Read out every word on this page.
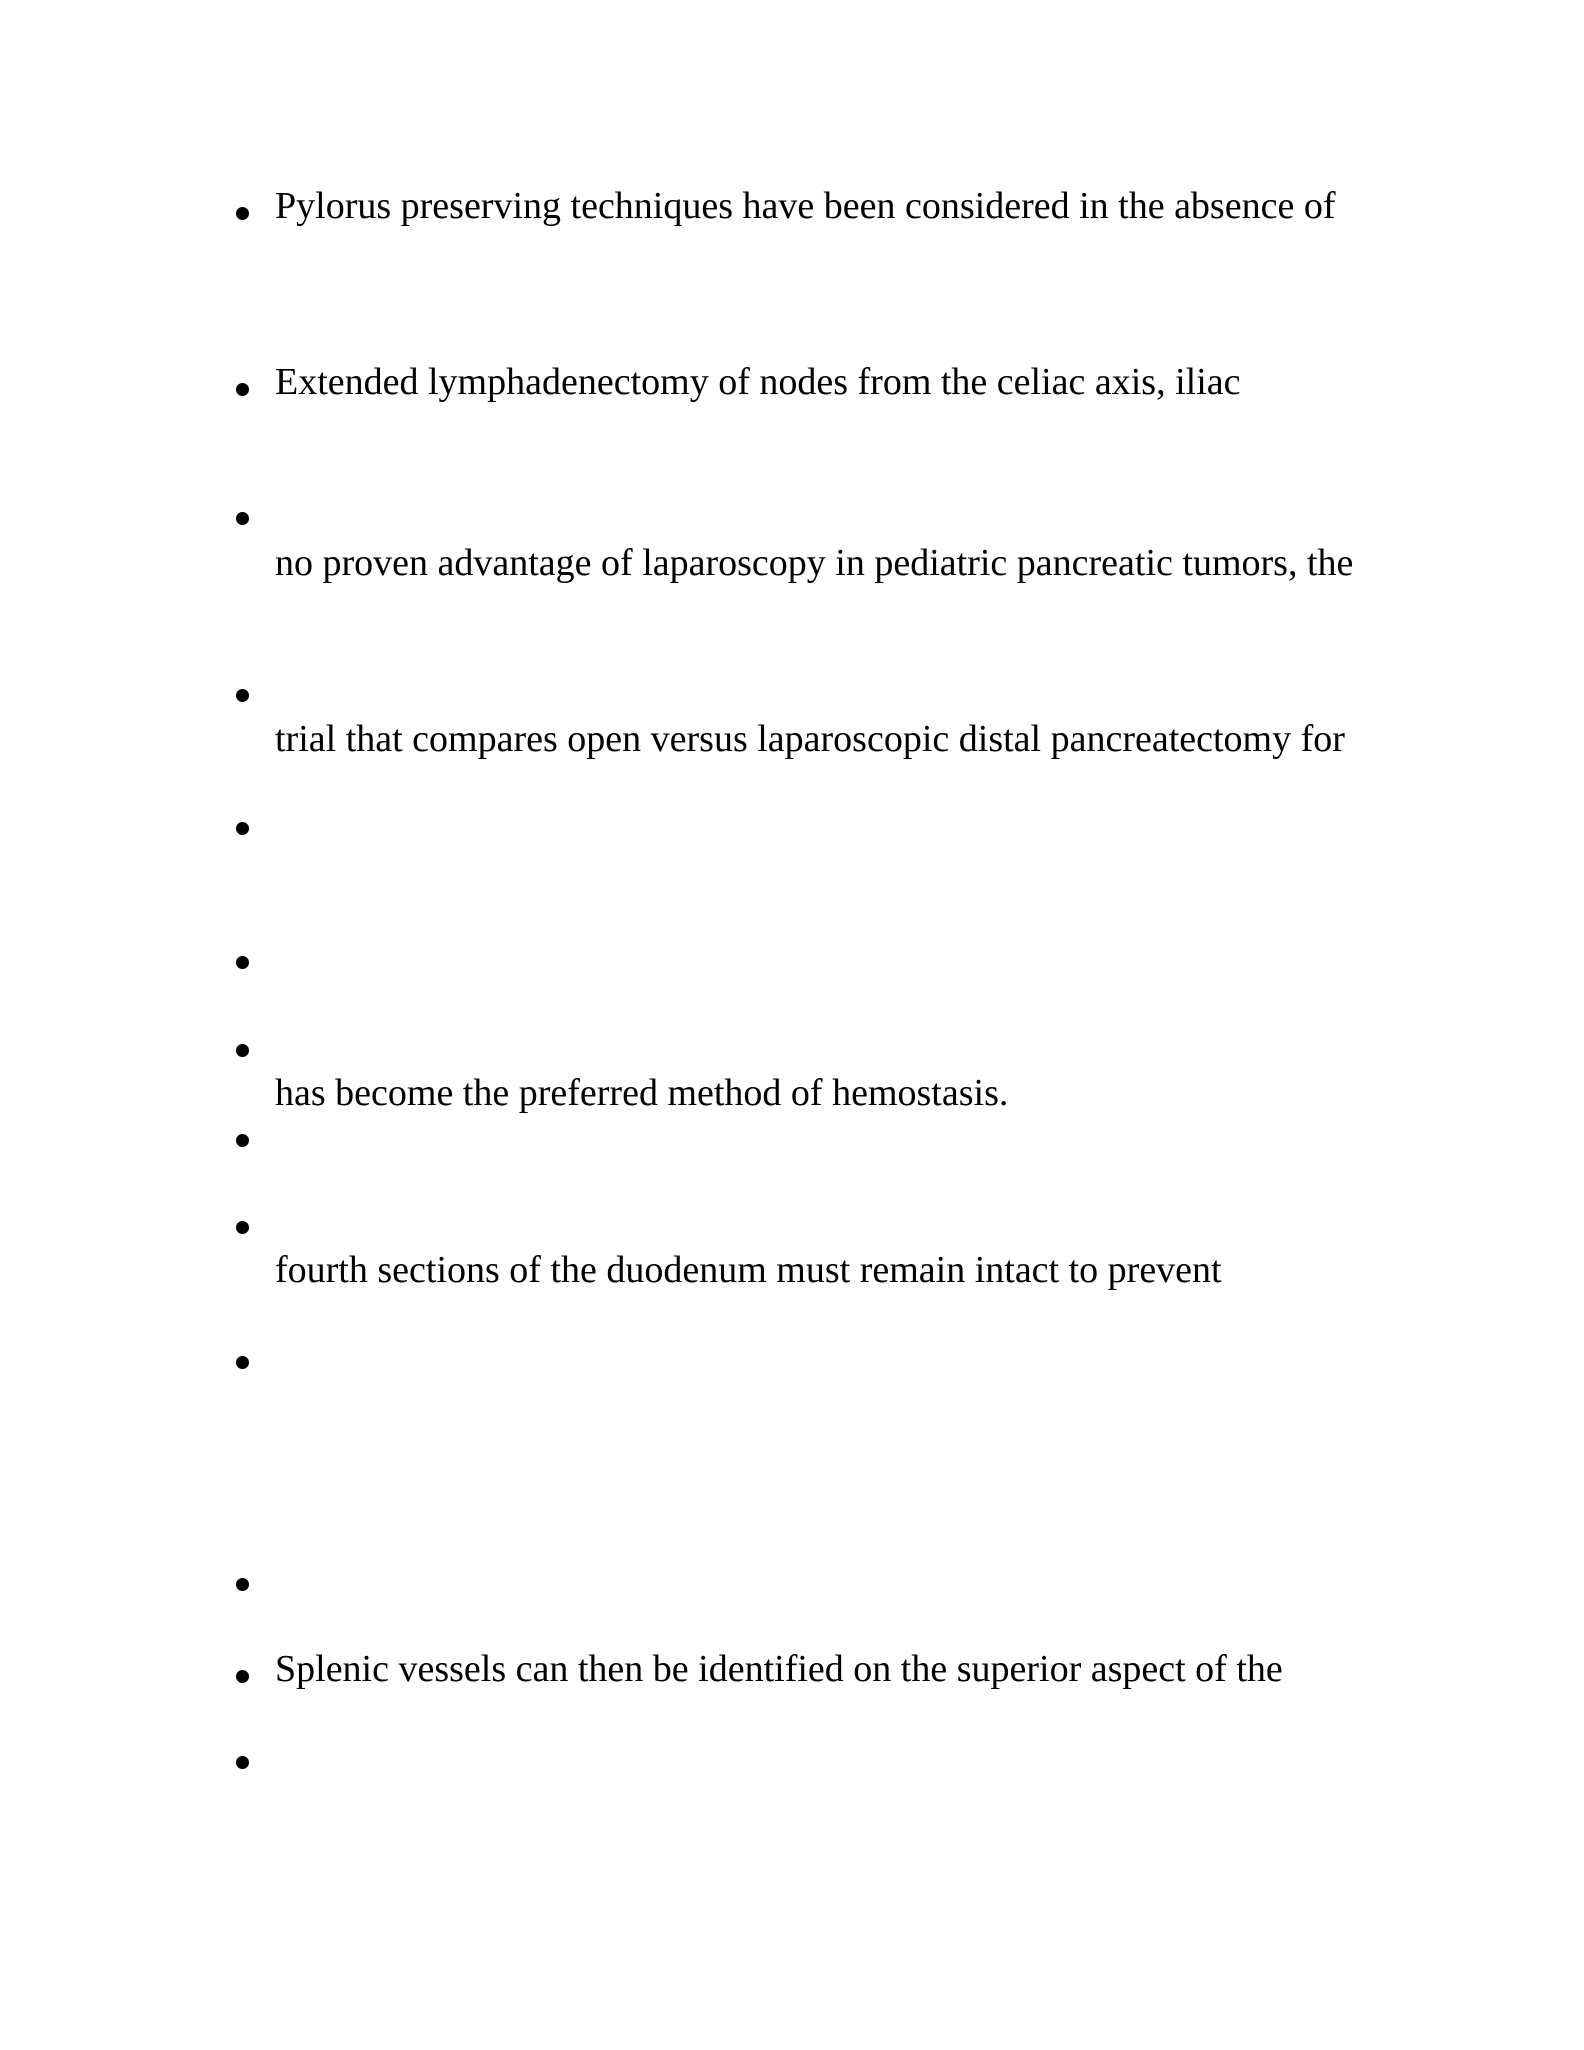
Pylorus preserving techniques have been considered in the absence of
Extended lymphadenectomy of nodes from the celiac axis, iliac
no proven advantage of laparoscopy in pediatric pancreatic tumors, the
trial that compares open versus laparoscopic distal pancreatectomy for
has become the preferred method of hemostasis.
fourth sections of the duodenum must remain intact to prevent
Splenic vessels can then be identified on the superior aspect of the
